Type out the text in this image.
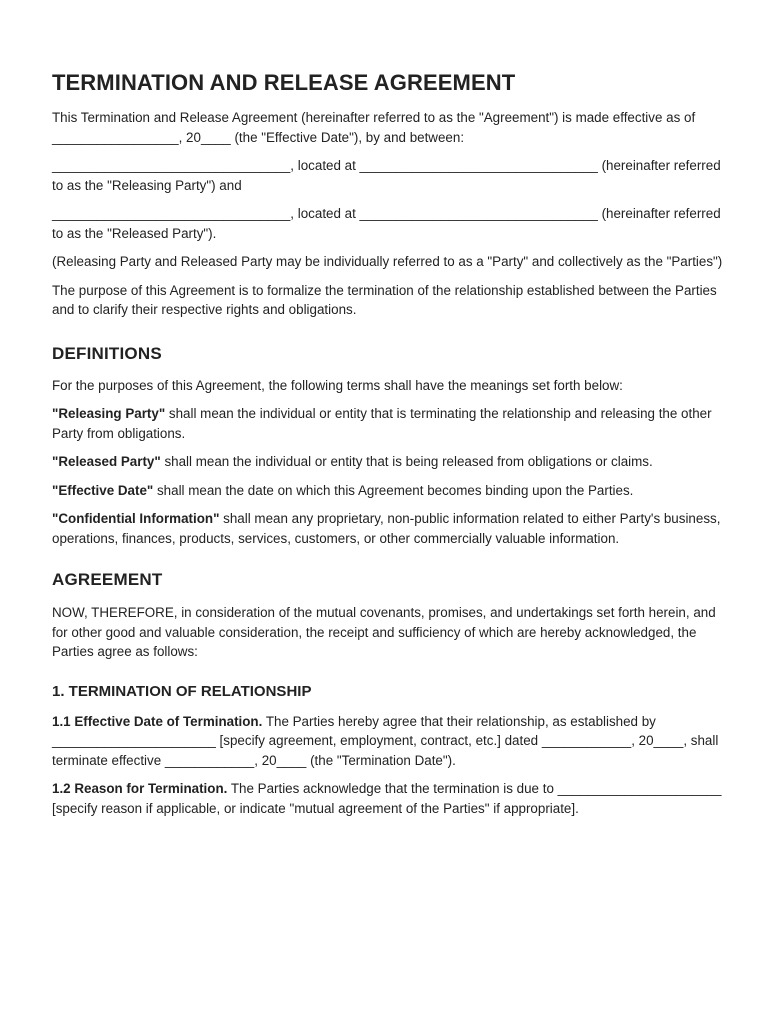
TERMINATION AND RELEASE AGREEMENT

This Termination and Release Agreement (hereinafter referred to as the "Agreement") is made effective as of _________________, 20____ (the "Effective Date"), by and between:

________________________________, located at ________________________________ (hereinafter referred to as the "Releasing Party") and

________________________________, located at ________________________________ (hereinafter referred to as the "Released Party").

(Releasing Party and Released Party may be individually referred to as a "Party" and collectively as the "Parties")

The purpose of this Agreement is to formalize the termination of the relationship established between the Parties and to clarify their respective rights and obligations.

DEFINITIONS

For the purposes of this Agreement, the following terms shall have the meanings set forth below:

"Releasing Party" shall mean the individual or entity that is terminating the relationship and releasing the other Party from obligations.

"Released Party" shall mean the individual or entity that is being released from obligations or claims.

"Effective Date" shall mean the date on which this Agreement becomes binding upon the Parties.

"Confidential Information" shall mean any proprietary, non-public information related to either Party's business, operations, finances, products, services, customers, or other commercially valuable information.

AGREEMENT

NOW, THEREFORE, in consideration of the mutual covenants, promises, and undertakings set forth herein, and for other good and valuable consideration, the receipt and sufficiency of which are hereby acknowledged, the Parties agree as follows:

1. TERMINATION OF RELATIONSHIP

1.1 Effective Date of Termination. The Parties hereby agree that their relationship, as established by ______________________ [specify agreement, employment, contract, etc.] dated ____________, 20____, shall terminate effective ____________, 20____ (the "Termination Date").

1.2 Reason for Termination. The Parties acknowledge that the termination is due to ______________________ [specify reason if applicable, or indicate "mutual agreement of the Parties" if appropriate].
